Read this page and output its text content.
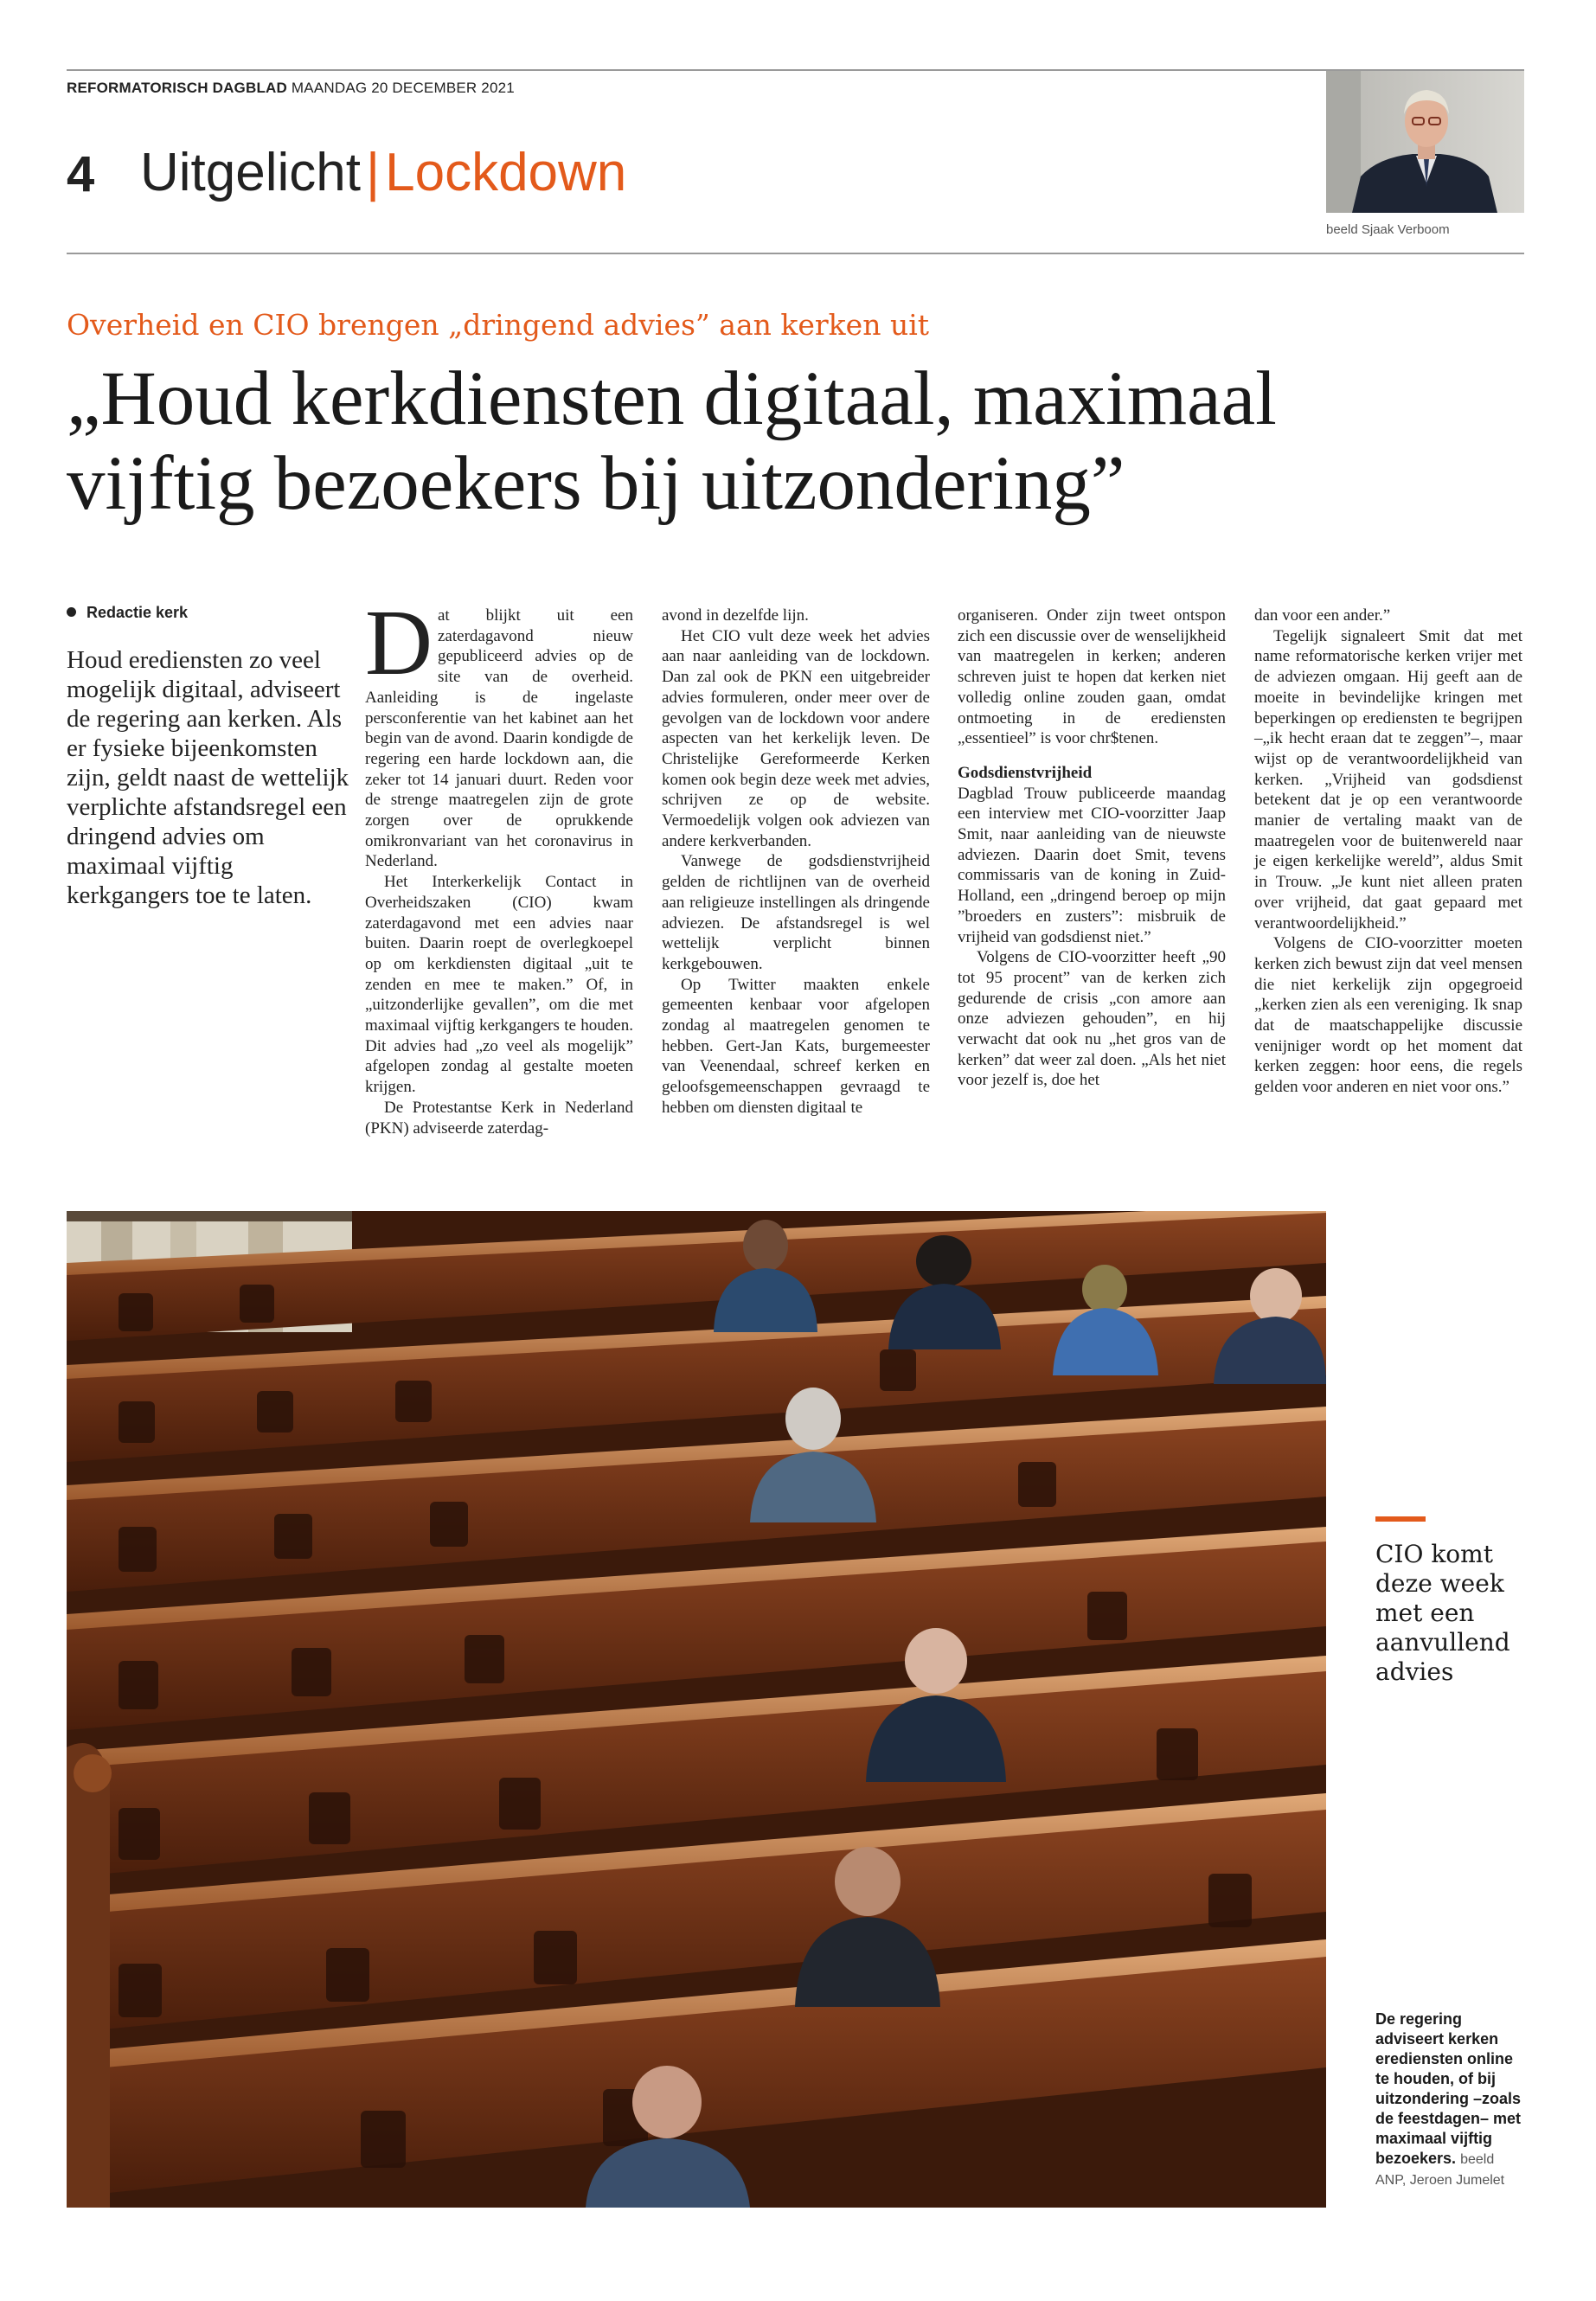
REFORMATORISCH DAGBLAD MAANDAG 20 DECEMBER 2021
4 Uitgelicht|Lockdown
beeld Sjaak Verboom
Overheid en CIO brengen „dringend advies” aan kerken uit
„Houd kerkdiensten digitaal, maximaal
vijftig bezoekers bij uitzondering”
Redactie kerk
Houd erediensten zo veel mogelijk digitaal, adviseert de regering aan kerken. Als er fysieke bijeenkomsten zijn, geldt naast de wettelijk verplichte afstandsregel een dringend advies om maximaal vijftig kerkgangers toe te laten.
D at blijkt uit een zaterdagavond nieuw gepubliceerd advies op de site van de overheid. Aanleiding is de ingelaste persconferentie van het kabinet aan het begin van de avond. Daarin kondigde de regering een harde lockdown aan, die zeker tot 14 januari duurt. Reden voor de strenge maatregelen zijn de grote zorgen over de oprukkende omikronvariant van het coronavirus in Nederland.

Het Interkerkelijk Contact in Overheidszaken (CIO) kwam zaterdagavond met een advies naar buiten. Daarin roept de overlegkoepel op om kerkdiensten digitaal „uit te zenden en mee te maken.” Of, in „uitzonderlijke gevallen”, om die met maximaal vijftig kerkgangers te houden. Dit advies had „zo veel als mogelijk” afgelopen zondag al gestalte moeten krijgen.

De Protestantse Kerk in Nederland (PKN) adviseerde zaterdag-

avond in dezelfde lijn.

Het CIO vult deze week het advies aan naar aanleiding van de lockdown. Dan zal ook de PKN een uitgebreider advies formuleren, onder meer over de gevolgen van de lockdown voor andere aspecten van het kerkelijk leven. De Christelijke Gereformeerde Kerken komen ook begin deze week met advies, schrijven ze op de website. Vermoedelijk volgen ook adviezen van andere kerkverbanden.

Vanwege de godsdienstvrijheid gelden de richtlijnen van de overheid aan religieuze instellingen als dringende adviezen. De afstandsregel is wel wettelijk verplicht binnen kerkgebouwen.

Op Twitter maakten enkele gemeenten kenbaar voor afgelopen zondag al maatregelen genomen te hebben. Gert-Jan Kats, burgemeester van Veenendaal, schreef kerken en geloofsgemeenschappen gevraagd te hebben om diensten digitaal te

organiseren. Onder zijn tweet ontspon zich een discussie over de wenselijkheid van maatregelen in kerken; anderen schreven juist te hopen dat kerken niet volledig online zouden gaan, omdat ontmoeting in de erediensten „essentieel” is voor chr$tenen.

Godsdienstvrijheid

Dagblad Trouw publiceerde maandag een interview met CIO-voorzitter Jaap Smit, naar aanleiding van de nieuwste adviezen. Daarin doet Smit, tevens commissaris van de koning in Zuid-Holland, een „dringend beroep op mijn ”broeders en zusters”: misbruik de vrijheid van godsdienst niet.”

Volgens de CIO-voorzitter heeft „90 tot 95 procent” van de kerken zich gedurende de crisis „con amore aan onze adviezen gehouden”, en hij verwacht dat ook nu „het gros van de kerken” dat weer zal doen. „Als het niet voor jezelf is, doe het

dan voor een ander.”

Tegelijk signaleert Smit dat met name reformatorische kerken vrijer met de adviezen omgaan. Hij geeft aan de moeite in bevindelijke kringen met beperkingen op erediensten te begrijpen –„ik hecht eraan dat te zeggen”–, maar wijst op de verantwoordelijkheid van kerken. „Vrijheid van godsdienst betekent dat je op een verantwoorde manier de vertaling maakt van de maatregelen voor de buitenwereld naar je eigen kerkelijke wereld”, aldus Smit in Trouw. „Je kunt niet alleen praten over vrijheid, dat gaat gepaard met verantwoordelijkheid.”

Volgens de CIO-voorzitter moeten kerken zich bewust zijn dat veel mensen die niet kerkelijk zijn opgegroeid „kerken zien als een vereniging. Ik snap dat de maatschappelijke discussie venijniger wordt op het moment dat kerken zeggen: hoor eens, die regels gelden voor anderen en niet voor ons.”

CIO komt deze week met een aanvullend advies
De regering adviseert kerken erediensten online te houden, of bij uitzondering –zoals de feestdagen– met maximaal vijftig bezoekers. beeld ANP, Jeroen Jumelet
